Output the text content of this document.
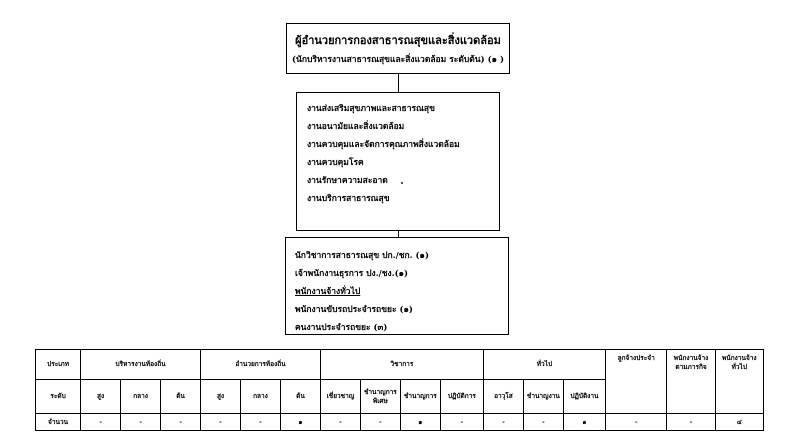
ผู้อำนวยการกองสาธารณสุขและสิ่งแวดล้อม
(นักบริหารงานสาธารณสุขและสิ่งแวดล้อม ระดับต้น) (๑ )
งานส่งเสริมสุขภาพและสาธารณสุข
งานอนามัยและสิ่งแวดล้อม
งานควบคุมและจัดการคุณภาพสิ่งแวดล้อม
งานควบคุมโรค
งานรักษาความสะอาด
งานบริการสาธารณสุข
นักวิชาการสาธารณสุข ปก./ชก. (๑)
เจ้าพนักงานธุรการ ปง./ชง.(๑)
พนักงานจ้างทั่วไป
พนักงานขับรถประจำรถขยะ (๑)
คนงานประจำรถขยะ (๓)
ประเภท	บริหารงานท้องถิ่น			อำนวยการท้องถิ่น			วิชาการ				ทั่วไป			ลูกจ้างประจำ	พนักงานจ้าง ตามภารกิจ	พนักงานจ้าง ทั่วไป
ระดับ	สูง	กลาง	ต้น	สูง	กลาง	ต้น	เชี่ยวชาญ	ชำนาญการพิเศษ	ชำนาญการ	ปฏิบัติการ	อาวุโส	ชำนาญงาน	ปฏิบัติงาน			
จำนวน	-	-	-	-	-	๑	-	-	๑	-	-	-	๑	-	-	๔
